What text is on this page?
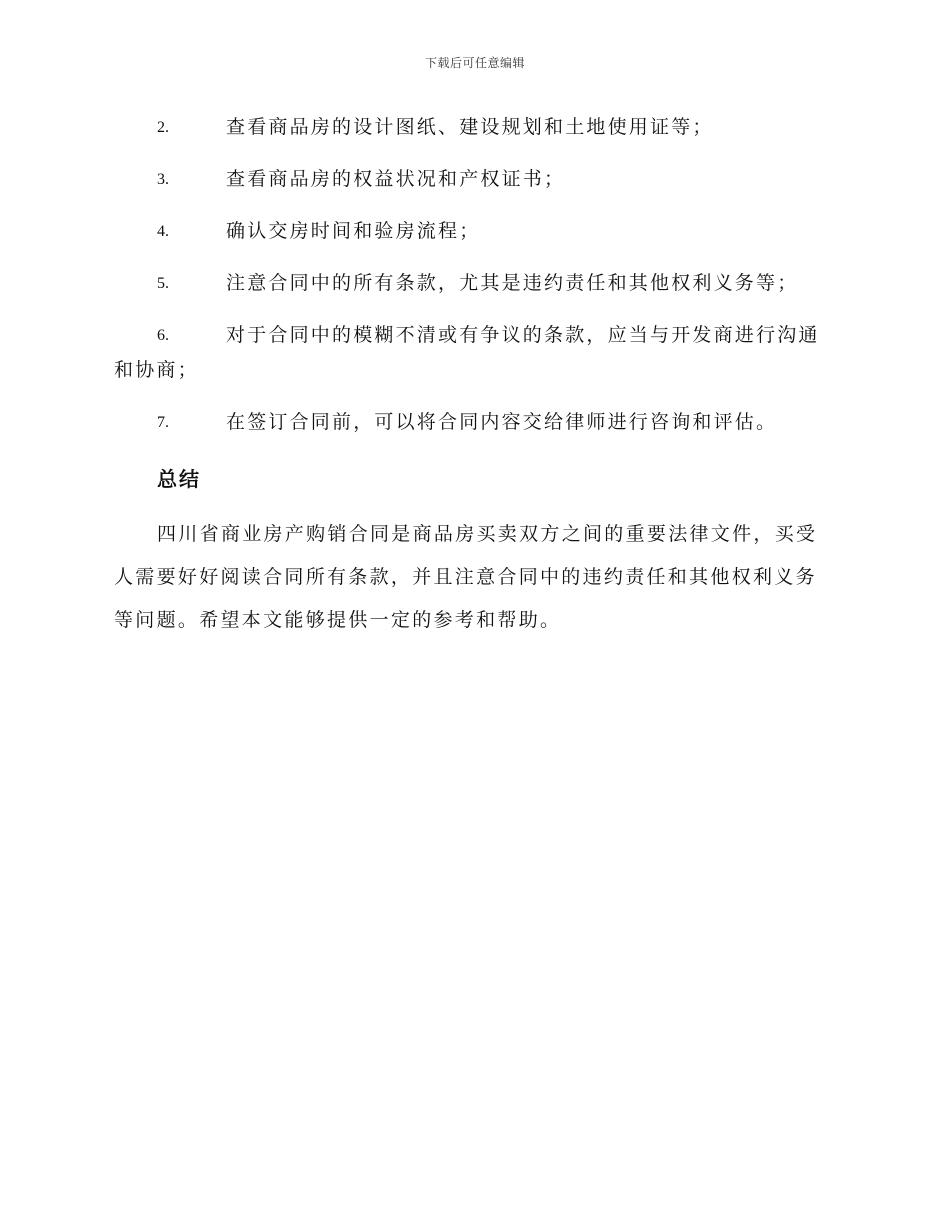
下载后可任意编辑
2.	查看商品房的设计图纸、建设规划和土地使用证等；
3.	查看商品房的权益状况和产权证书；
4.	确认交房时间和验房流程；
5.	注意合同中的所有条款，尤其是违约责任和其他权利义务等；
6.	对于合同中的模糊不清或有争议的条款，应当与开发商进行沟通和协商；
7.	在签订合同前，可以将合同内容交给律师进行咨询和评估。
总结

四川省商业房产购销合同是商品房买卖双方之间的重要法律文件，买受人需要好好阅读合同所有条款，并且注意合同中的违约责任和其他权利义务等问题。希望本文能够提供一定的参考和帮助。
